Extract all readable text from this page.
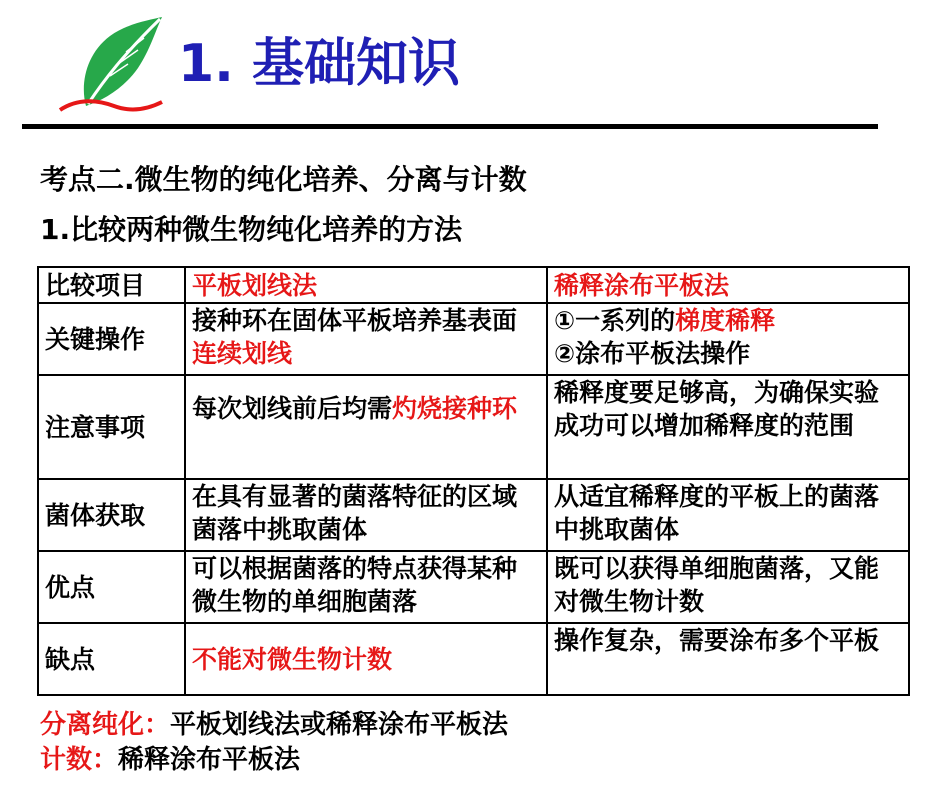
1. 基础知识
考点二.微生物的纯化培养、分离与计数
1.比较两种微生物纯化培养的方法
比较项目	平板划线法	稀释涂布平板法
关键操作	接种环在固体平板培养基表面连续划线	①一系列的梯度稀释
②涂布平板法操作
注意事项	每次划线前后均需灼烧接种环	稀释度要足够高，为确保实验成功可以增加稀释度的范围
菌体获取	在具有显著的菌落特征的区域菌落中挑取菌体	从适宜稀释度的平板上的菌落中挑取菌体
优点	可以根据菌落的特点获得某种微生物的单细胞菌落	既可以获得单细胞菌落，又能对微生物计数
缺点	不能对微生物计数	操作复杂，需要涂布多个平板
分离纯化：平板划线法或稀释涂布平板法
计数：稀释涂布平板法
